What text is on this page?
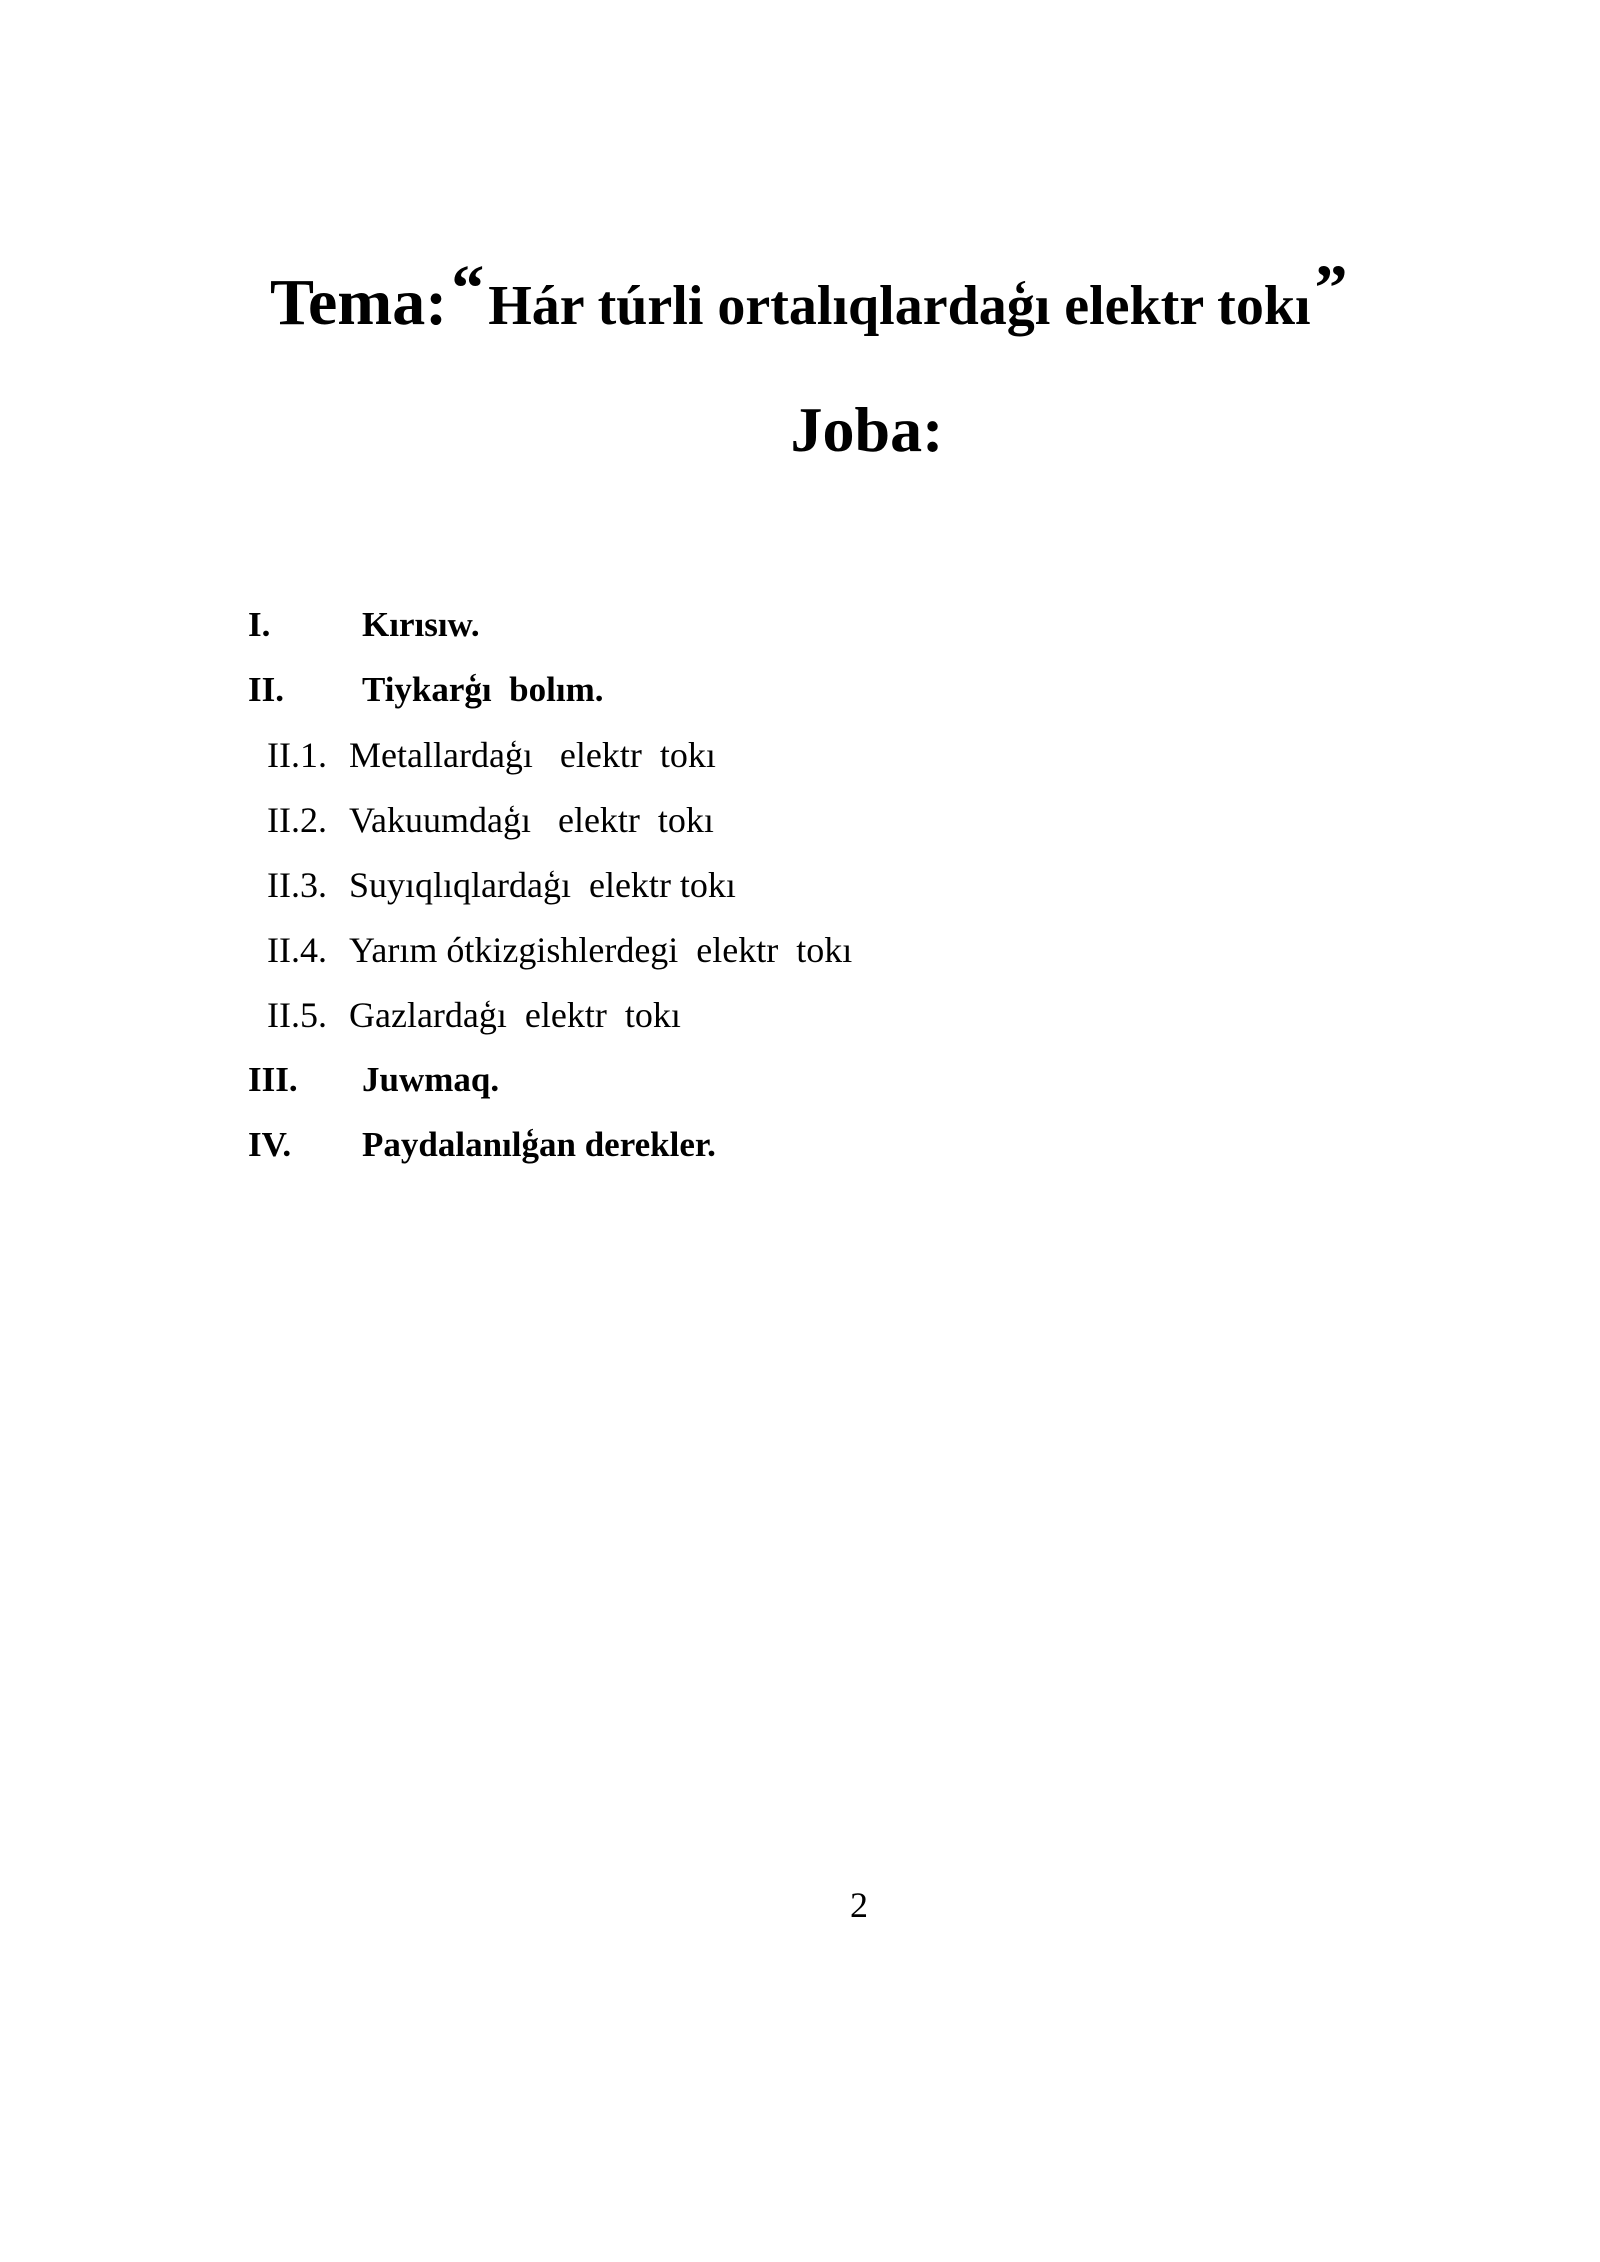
Tema: “ Hár túrli ortalıqlardaģı elektr tokı ”
Joba:

I.

	Kırısıw.

II.

Tiykarģı  bolım.

II.1.

Metallardaģı   elektr  tokı

II.2.

Vakuumdaģı   elektr  tokı

II.3.

Suyıqlıqlardaģı  elektr tokı

II.4.

Yarım ótkizgishlerdegi  elektr  tokı

II.5.

Gazlardaģı  elektr  tokı

III.

Juwmaq.

IV.

Paydalanılģan derekler.

2
